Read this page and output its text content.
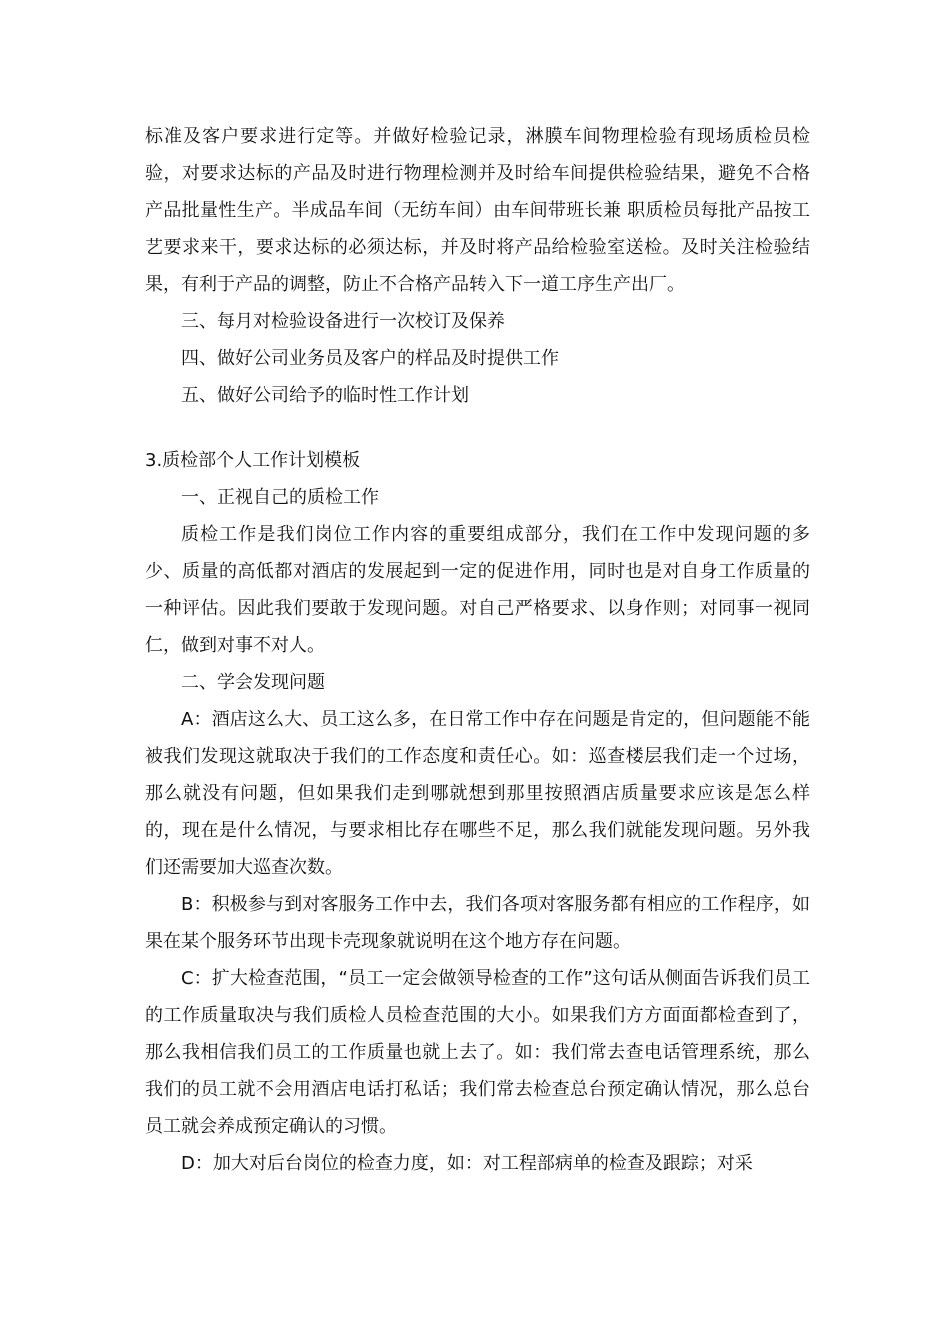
标准及客户要求进行定等。并做好检验记录，淋膜车间物理检验有现场质检员检验，对要求达标的产品及时进行物理检测并及时给车间提供检验结果，避免不合格产品批量性生产。半成品车间（无纺车间）由车间带班长兼 职质检员每批产品按工艺要求来干，要求达标的必须达标，并及时将产品给检验室送检。及时关注检验结果，有利于产品的调整，防止不合格产品转入下一道工序生产出厂。

三、每月对检验设备进行一次校订及保养

四、做好公司业务员及客户的样品及时提供工作

五、做好公司给予的临时性工作计划

3.质检部个人工作计划模板

一、正视自己的质检工作

质检工作是我们岗位工作内容的重要组成部分，我们在工作中发现问题的多少、质量的高低都对酒店的发展起到一定的促进作用，同时也是对自身工作质量的一种评估。因此我们要敢于发现问题。对自己严格要求、以身作则；对同事一视同仁，做到对事不对人。

二、学会发现问题

A：酒店这么大、员工这么多，在日常工作中存在问题是肯定的，但问题能不能被我们发现这就取决于我们的工作态度和责任心。如：巡查楼层我们走一个过场，那么就没有问题，但如果我们走到哪就想到那里按照酒店质量要求应该是怎么样的，现在是什么情况，与要求相比存在哪些不足，那么我们就能发现问题。另外我们还需要加大巡查次数。

B：积极参与到对客服务工作中去，我们各项对客服务都有相应的工作程序，如果在某个服务环节出现卡壳现象就说明在这个地方存在问题。

C：扩大检查范围，“员工一定会做领导检查的工作”这句话从侧面告诉我们员工的工作质量取决与我们质检人员检查范围的大小。如果我们方方面面都检查到了，那么我相信我们员工的工作质量也就上去了。如：我们常去查电话管理系统，那么我们的员工就不会用酒店电话打私话；我们常去检查总台预定确认情况，那么总台员工就会养成预定确认的习惯。

D：加大对后台岗位的检查力度，如：对工程部病单的检查及跟踪；对采
